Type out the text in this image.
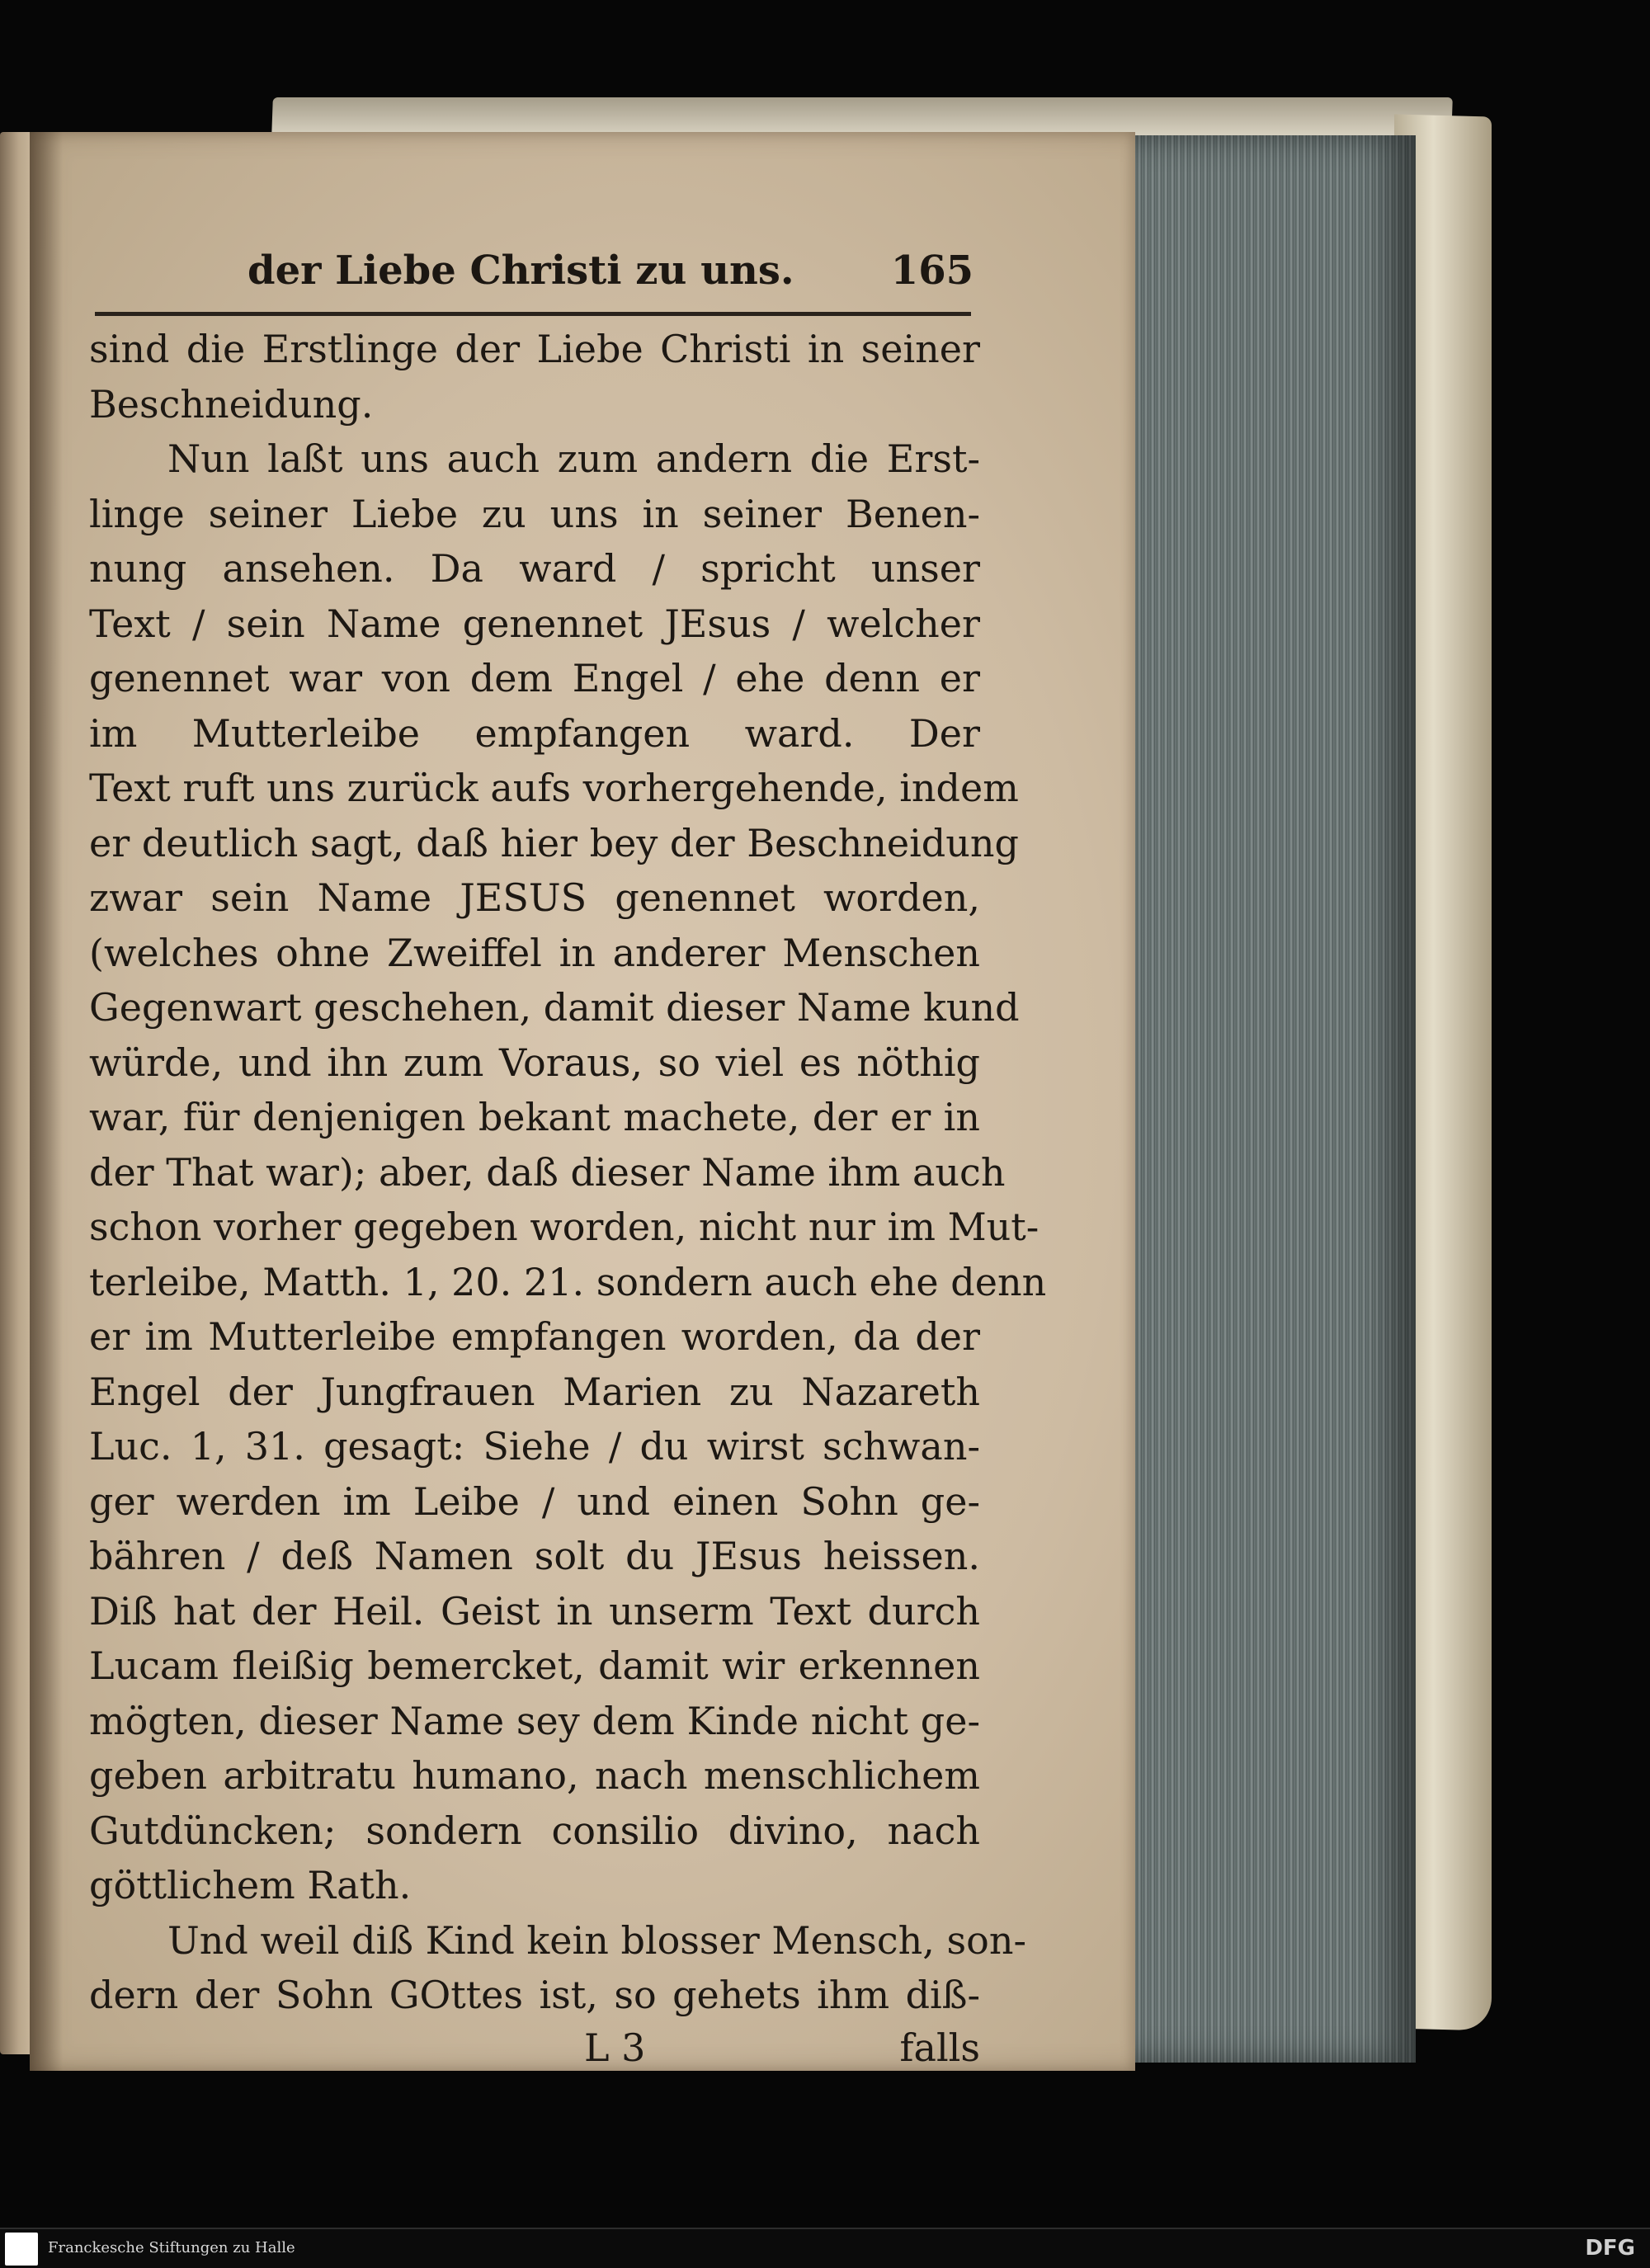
der Liebe Christi zu uns. 165
sind die Erstlinge der Liebe Christi in seiner
Beschneidung.
Nun laßt uns auch zum andern die Erst-
linge seiner Liebe zu uns in seiner Benen-
nung ansehen. Da ward / spricht unser
Text / sein Name genennet JEsus / welcher
genennet war von dem Engel / ehe denn er
im Mutterleibe empfangen ward. Der
Text ruft uns zurück aufs vorhergehende, indem
er deutlich sagt, daß hier bey der Beschneidung
zwar sein Name JESUS genennet worden,
(welches ohne Zweiffel in anderer Menschen
Gegenwart geschehen, damit dieser Name kund
würde, und ihn zum Voraus, so viel es nöthig
war, für denjenigen bekant machete, der er in
der That war); aber, daß dieser Name ihm auch
schon vorher gegeben worden, nicht nur im Mut-
terleibe, Matth. 1, 20. 21. sondern auch ehe denn
er im Mutterleibe empfangen worden, da der
Engel der Jungfrauen Marien zu Nazareth
Luc. 1, 31. gesagt: Siehe / du wirst schwan-
ger werden im Leibe / und einen Sohn ge-
bähren / deß Namen solt du JEsus heissen.
Diß hat der Heil. Geist in unserm Text durch
Lucam fleißig bemercket, damit wir erkennen
mögten, dieser Name sey dem Kinde nicht ge-
geben arbitratu humano, nach menschlichem
Gutdüncken; sondern consilio divino, nach
göttlichem Rath.
Und weil diß Kind kein blosser Mensch, son-
dern der Sohn GOttes ist, so gehets ihm diß-
L 3	falls
Franckesche Stiftungen zu Halle	DFG
